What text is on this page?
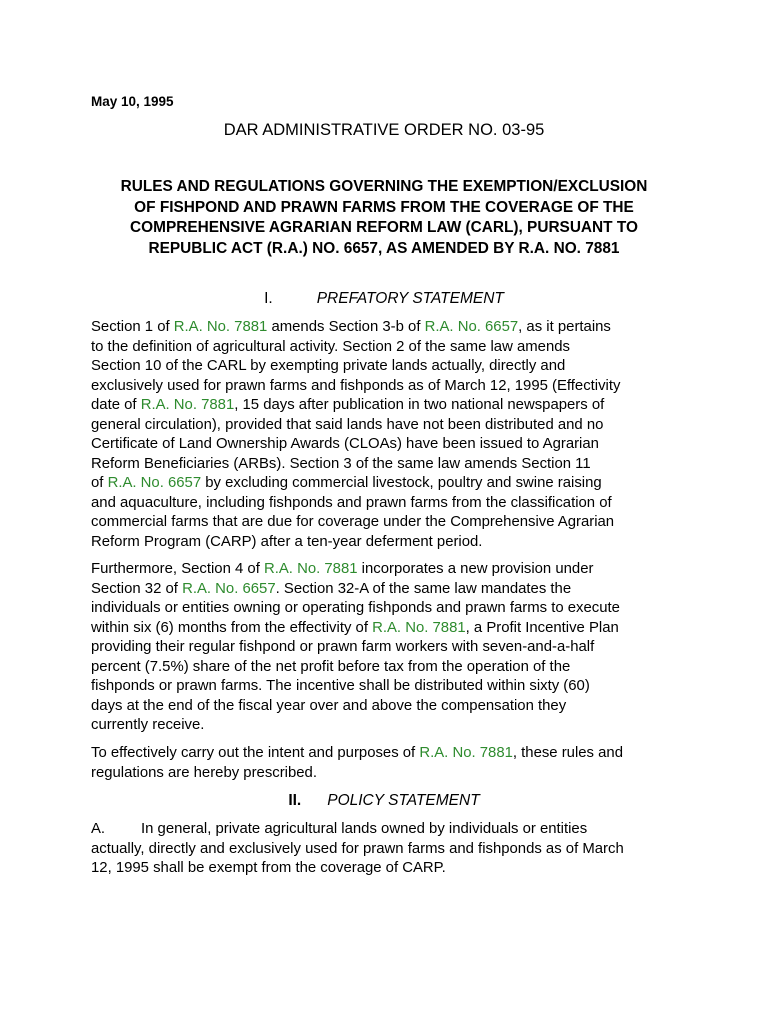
May 10, 1995
DAR ADMINISTRATIVE ORDER NO. 03-95
RULES AND REGULATIONS GOVERNING THE EXEMPTION/EXCLUSION
OF FISHPOND AND PRAWN FARMS FROM THE COVERAGE OF THE
COMPREHENSIVE AGRARIAN REFORM LAW (CARL), PURSUANT TO
REPUBLIC ACT (R.A.) NO. 6657, AS AMENDED BY R.A. NO. 7881
I.	PREFATORY STATEMENT
Section 1 of R.A. No. 7881 amends Section 3-b of R.A. No. 6657, as it pertains
to the definition of agricultural activity. Section 2 of the same law amends
Section 10 of the CARL by exempting private lands actually, directly and
exclusively used for prawn farms and fishponds as of March 12, 1995 (Effectivity
date of R.A. No. 7881, 15 days after publication in two national newspapers of
general circulation), provided that said lands have not been distributed and no
Certificate of Land Ownership Awards (CLOAs) have been issued to Agrarian
Reform Beneficiaries (ARBs). Section 3 of the same law amends Section 11
of R.A. No. 6657 by excluding commercial livestock, poultry and swine raising
and aquaculture, including fishponds and prawn farms from the classification of
commercial farms that are due for coverage under the Comprehensive Agrarian
Reform Program (CARP) after a ten-year deferment period.
Furthermore, Section 4 of R.A. No. 7881 incorporates a new provision under
Section 32 of R.A. No. 6657. Section 32-A of the same law mandates the
individuals or entities owning or operating fishponds and prawn farms to execute
within six (6) months from the effectivity of R.A. No. 7881, a Profit Incentive Plan
providing their regular fishpond or prawn farm workers with seven-and-a-half
percent (7.5%) share of the net profit before tax from the operation of the
fishponds or prawn farms. The incentive shall be distributed within sixty (60)
days at the end of the fiscal year over and above the compensation they
currently receive.
To effectively carry out the intent and purposes of R.A. No. 7881, these rules and
regulations are hereby prescribed.
II. POLICY STATEMENT
A. In general, private agricultural lands owned by individuals or entities
actually, directly and exclusively used for prawn farms and fishponds as of March
12, 1995 shall be exempt from the coverage of CARP.
